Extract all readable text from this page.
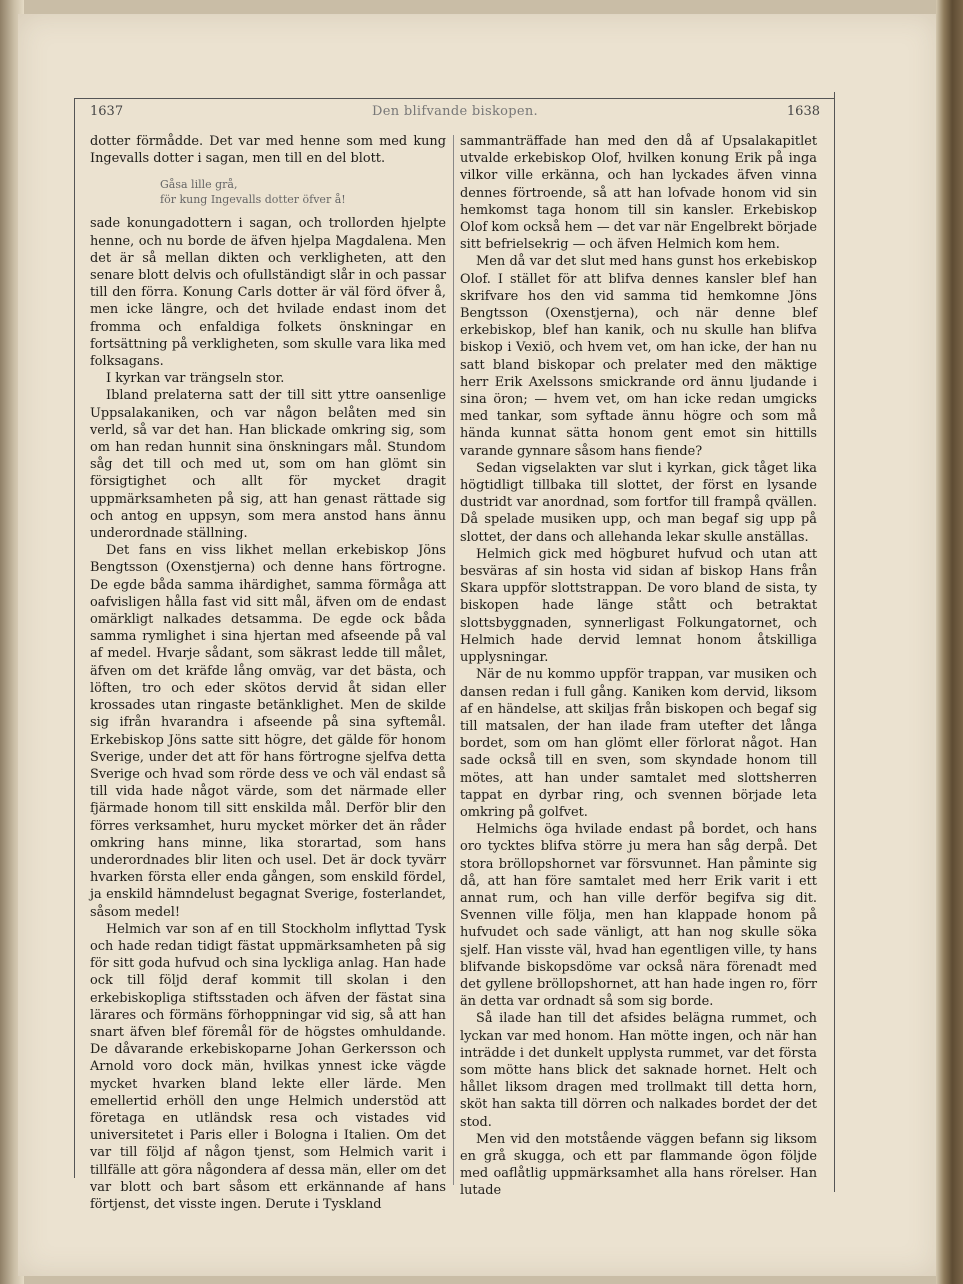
1637	Den blifvande biskopen.	1638

dotter förmådde. Det var med henne som med kung Ingevalls dotter i sagan, men till en del blott.

Gåsa lille grå,
för kung Ingevalls dotter öfver å!

sade konungadottern i sagan, och trollorden hjelpte henne, och nu borde de äfven hjelpa Magdalena. Men det är så mellan dikten och verkligheten, att den senare blott delvis och ofullständigt slår in och passar till den förra. Konung Carls dotter är väl förd öfver å, men icke längre, och det hvilade endast inom det fromma och enfaldiga folkets önskningar en fortsättning på verkligheten, som skulle vara lika med folksagans.

I kyrkan var trängseln stor.

Ibland prelaterna satt der till sitt yttre oansenlige Uppsalakaniken, och var någon belåten med sin verld, så var det han. Han blickade omkring sig, som om han redan hunnit sina önskningars mål. Stundom såg det till och med ut, som om han glömt sin försigtighet och allt för mycket dragit uppmärksamheten på sig, att han genast rättade sig och antog en uppsyn, som mera anstod hans ännu underordnade ställning.

Det fans en viss likhet mellan erkebiskop Jöns Bengtsson (Oxenstjerna) och denne hans förtrogne. De egde båda samma ihärdighet, samma förmåga att oafvisligen hålla fast vid sitt mål, äfven om de endast omärkligt nalkades detsamma. De egde ock båda samma rymlighet i sina hjertan med afseende på val af medel. Hvarje sådant, som säkrast ledde till målet, äfven om det kräfde lång omväg, var det bästa, och löften, tro och eder skötos dervid åt sidan eller krossades utan ringaste betänklighet. Men de skilde sig ifrån hvarandra i afseende på sina syftemål. Erkebiskop Jöns satte sitt högre, det gälde för honom Sverige, under det att för hans förtrogne sjelfva detta Sverige och hvad som rörde dess ve och väl endast så till vida hade något värde, som det närmade eller fjärmade honom till sitt enskilda mål. Derför blir den förres verksamhet, huru mycket mörker det än råder omkring hans minne, lika storartad, som hans underordnades blir liten och usel. Det är dock tyvärr hvarken första eller enda gången, som enskild fördel, ja enskild hämndelust begagnat Sverige, fosterlandet, såsom medel!

Helmich var son af en till Stockholm inflyttad Tysk och hade redan tidigt fästat uppmärksamheten på sig för sitt goda hufvud och sina lyckliga anlag. Han hade ock till följd deraf kommit till skolan i den erkebiskopliga stiftsstaden och äfven der fästat sina lärares och förmäns förhoppningar vid sig, så att han snart äfven blef föremål för de högstes omhuldande. De dåvarande erkebiskoparne Johan Gerkersson och Arnold voro dock män, hvilkas ynnest icke vägde mycket hvarken bland lekte eller lärde. Men emellertid erhöll den unge Helmich understöd att företaga en utländsk resa och vistades vid universitetet i Paris eller i Bologna i Italien. Om det var till följd af någon tjenst, som Helmich varit i tillfälle att göra någondera af dessa män, eller om det var blott och bart såsom ett erkännande af hans förtjenst, det visste ingen. Derute i Tyskland

sammanträffade han med den då af Upsalakapitlet utvalde erkebiskop Olof, hvilken konung Erik på inga vilkor ville erkänna, och han lyckades äfven vinna dennes förtroende, så att han lofvade honom vid sin hemkomst taga honom till sin kansler. Erkebiskop Olof kom också hem — det var när Engelbrekt började sitt befrielsekrig — och äfven Helmich kom hem.

Men då var det slut med hans gunst hos erkebiskop Olof. I stället för att blifva dennes kansler blef han skrifvare hos den vid samma tid hemkomne Jöns Bengtsson (Oxenstjerna), och när denne blef erkebiskop, blef han kanik, och nu skulle han blifva biskop i Vexiö, och hvem vet, om han icke, der han nu satt bland biskopar och prelater med den mäktige herr Erik Axelssons smickrande ord ännu ljudande i sina öron; — hvem vet, om han icke redan umgicks med tankar, som syftade ännu högre och som må hända kunnat sätta honom gent emot sin hittills varande gynnare såsom hans fiende?

Sedan vigselakten var slut i kyrkan, gick tåget lika högtidligt tillbaka till slottet, der först en lysande dustridt var anordnad, som fortfor till frampå qvällen. Då spelade musiken upp, och man begaf sig upp på slottet, der dans och allehanda lekar skulle anställas.

Helmich gick med högburet hufvud och utan att besväras af sin hosta vid sidan af biskop Hans från Skara uppför slottstrappan. De voro bland de sista, ty biskopen hade länge stått och betraktat slottsbyggnaden, synnerligast Folkungatornet, och Helmich hade dervid lemnat honom åtskilliga upplysningar.

När de nu kommo uppför trappan, var musiken och dansen redan i full gång. Kaniken kom dervid, liksom af en händelse, att skiljas från biskopen och begaf sig till matsalen, der han ilade fram utefter det långa bordet, som om han glömt eller förlorat något. Han sade också till en sven, som skyndade honom till mötes, att han under samtalet med slottsherren tappat en dyrbar ring, och svennen började leta omkring på golfvet.

Helmichs öga hvilade endast på bordet, och hans oro tycktes blifva större ju mera han såg derpå. Det stora bröllopshornet var försvunnet. Han påminte sig då, att han före samtalet med herr Erik varit i ett annat rum, och han ville derför begifva sig dit. Svennen ville följa, men han klappade honom på hufvudet och sade vänligt, att han nog skulle söka sjelf. Han visste väl, hvad han egentligen ville, ty hans blifvande biskopsdöme var också nära förenadt med det gyllene bröllopshornet, att han hade ingen ro, förr än detta var ordnadt så som sig borde.

Så ilade han till det afsides belägna rummet, och lyckan var med honom. Han mötte ingen, och när han inträdde i det dunkelt upplysta rummet, var det första som mötte hans blick det saknade hornet. Helt och hållet liksom dragen med trollmakt till detta horn, sköt han sakta till dörren och nalkades bordet der det stod.

Men vid den motstående väggen befann sig liksom en grå skugga, och ett par flammande ögon följde med oaflåtlig uppmärksamhet alla hans rörelser. Han lutade
